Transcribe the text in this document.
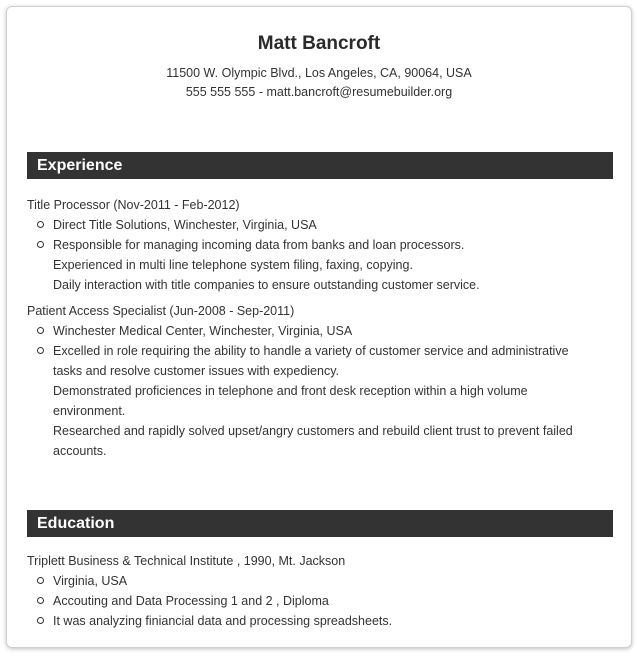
Matt Bancroft
11500 W. Olympic Blvd., Los Angeles, CA, 90064, USA
555 555 555 - matt.bancroft@resumebuilder.org
Experience
Title Processor (Nov-2011 - Feb-2012)
Direct Title Solutions, Winchester, Virginia, USA
Responsible for managing incoming data from banks and loan processors.
Experienced in multi line telephone system filing, faxing, copying.
Daily interaction with title companies to ensure outstanding customer service.
Patient Access Specialist (Jun-2008 - Sep-2011)
Winchester Medical Center, Winchester, Virginia, USA
Excelled in role requiring the ability to handle a variety of customer service and administrative
tasks and resolve customer issues with expediency.
Demonstrated proficiences in telephone and front desk reception within a high volume
environment.
Researched and rapidly solved upset/angry customers and rebuild client trust to prevent failed
accounts.
Education
Triplett Business & Technical Institute , 1990, Mt. Jackson
Virginia, USA
Accouting and Data Processing 1 and 2 , Diploma
It was analyzing finiancial data and processing spreadsheets.
